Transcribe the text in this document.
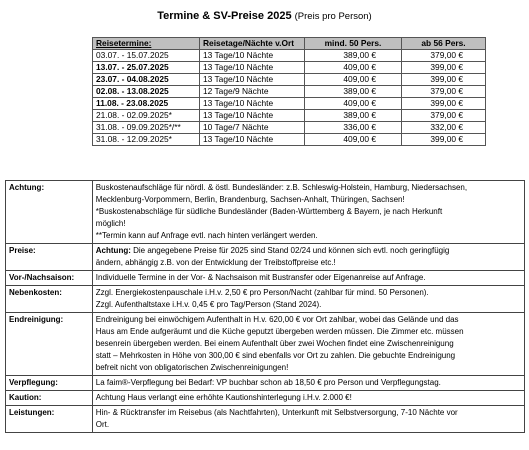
Termine & SV-Preise 2025 (Preis pro Person)
Reisetermine:	Reisetage/Nächte v.Ort	mind. 50 Pers.	ab 56 Pers.
03.07. - 15.07.2025	13 Tage/10 Nächte	389,00 €	379,00 €
13.07. - 25.07.2025	13 Tage/10 Nächte	409,00 €	399,00 €
23.07. - 04.08.2025	13 Tage/10 Nächte	409,00 €	399,00 €
02.08. - 13.08.2025	12 Tage/9 Nächte	389,00 €	379,00 €
11.08. - 23.08.2025	13 Tage/10 Nächte	409,00 €	399,00 €
21.08. - 02.09.2025*	13 Tage/10 Nächte	389,00 €	379,00 €
31.08. - 09.09.2025*/**	10 Tage/7 Nächte	336,00 €	332,00 €
31.08. - 12.09.2025*	13 Tage/10 Nächte	409,00 €	399,00 €
Achtung:	Buskostenaufschläge für nördl. & östl. Bundesländer: z.B. Schleswig-Holstein, Hamburg, Niedersachsen,
Mecklenburg-Vorpommern, Berlin, Brandenburg, Sachsen-Anhalt, Thüringen, Sachsen!
*Buskostenabschläge für südliche Bundesländer (Baden-Württemberg & Bayern, je nach Herkunft
möglich!
**Termin kann auf Anfrage evtl. nach hinten verlängert werden.

Preise:	Achtung: Die angegebene Preise für 2025 sind Stand 02/24 und können sich evtl. noch geringfügig
ändern, abhängig z.B. von der Entwicklung der Treibstoffpreise etc.!

Vor-/Nachsaison:	Individuelle Termine in der Vor- & Nachsaison mit Bustransfer oder Eigenanreise auf Anfrage.
Nebenkosten:	Zzgl. Energiekostenpauschale i.H.v. 2,50 € pro Person/Nacht (zahlbar für mind. 50 Personen).
Zzgl. Aufenthaltstaxe i.H.v. 0,45 € pro Tag/Person (Stand 2024).

Endreinigung:	Endreinigung bei einwöchigem Aufenthalt in H.v. 620,00 € vor Ort zahlbar, wobei das Gelände und das
Haus am Ende aufgeräumt und die Küche geputzt übergeben werden müssen. Die Zimmer etc. müssen
besenrein übergeben werden. Bei einem Aufenthalt über zwei Wochen findet eine Zwischenreinigung
statt – Mehrkosten in Höhe von 300,00 € sind ebenfalls vor Ort zu zahlen. Die gebuchte Endreinigung
befreit nicht von obligatorischen Zwischenreinigungen!

Verpflegung:	La faim®-Verpflegung bei Bedarf: VP buchbar schon ab 18,50 € pro Person und Verpflegungstag.
Kaution:	Achtung Haus verlangt eine erhöhte Kautionshinterlegung i.H.v. 2.000 €!
Leistungen:	Hin- & Rücktransfer im Reisebus (als Nachtfahrten), Unterkunft mit Selbstversorgung, 7-10 Nächte vor
Ort.
